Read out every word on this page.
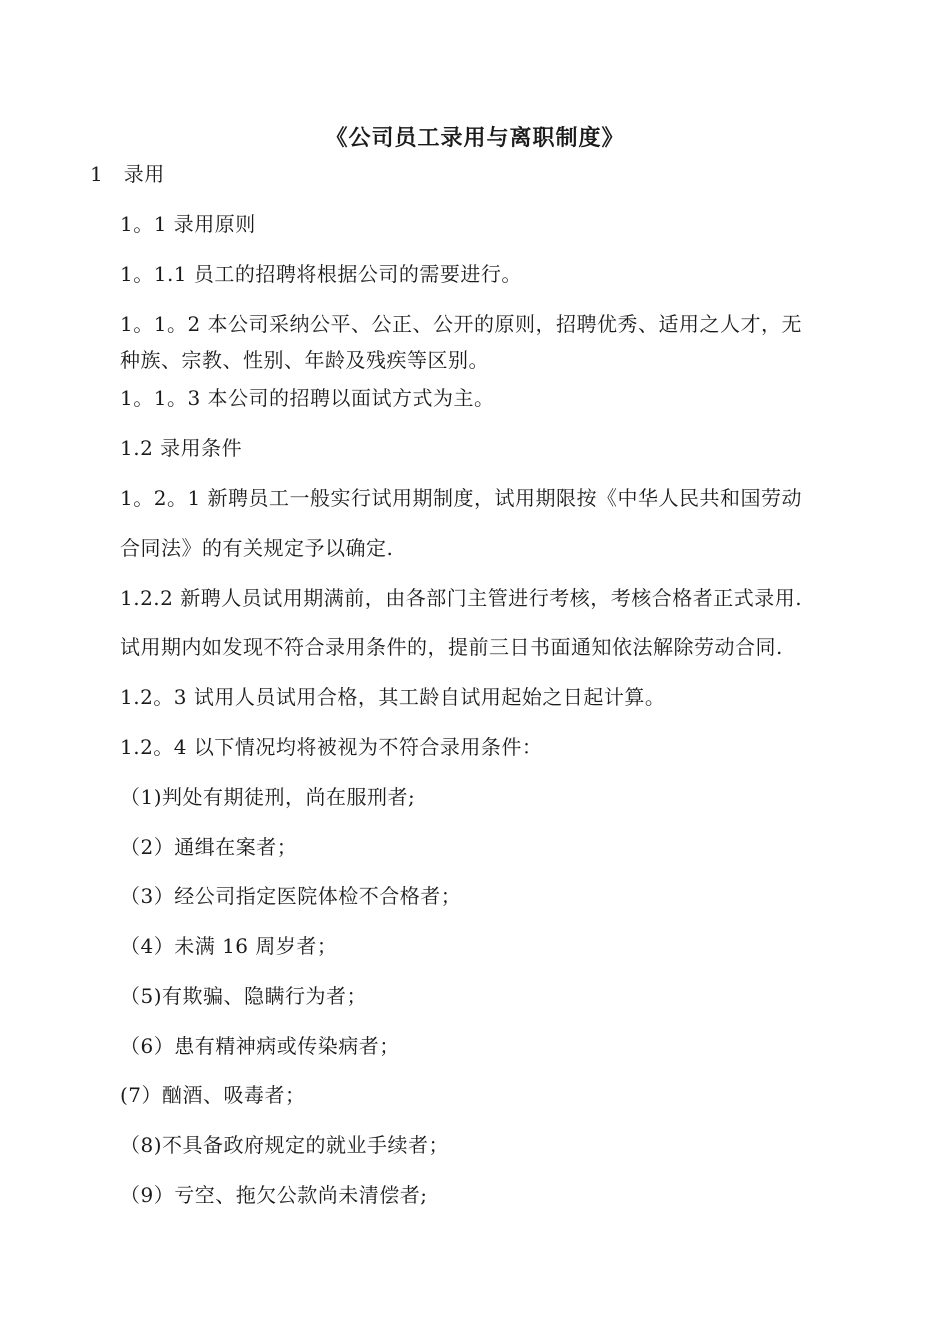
《公司员工录用与离职制度》
1　录用
1。1 录用原则
1。1.1 员工的招聘将根据公司的需要进行。
1。1。2 本公司采纳公平、公正、公开的原则，招聘优秀、适用之人才，无
种族、宗教、性别、年龄及残疾等区别。
1。1。3 本公司的招聘以面试方式为主。
1.2 录用条件
1。2。1 新聘员工一般实行试用期制度，试用期限按《中华人民共和国劳动
合同法》的有关规定予以确定.
1.2.2 新聘人员试用期满前，由各部门主管进行考核，考核合格者正式录用.
试用期内如发现不符合录用条件的，提前三日书面通知依法解除劳动合同.
1.2。3 试用人员试用合格，其工龄自试用起始之日起计算。
1.2。4 以下情况均将被视为不符合录用条件：
（1)判处有期徒刑，尚在服刑者;
（2）通缉在案者；
（3）经公司指定医院体检不合格者；
（4）未满 16 周岁者；
（5)有欺骗、隐瞒行为者；
（6）患有精神病或传染病者；
(7）酗酒、吸毒者；
（8)不具备政府规定的就业手续者；
（9）亏空、拖欠公款尚未清偿者;
